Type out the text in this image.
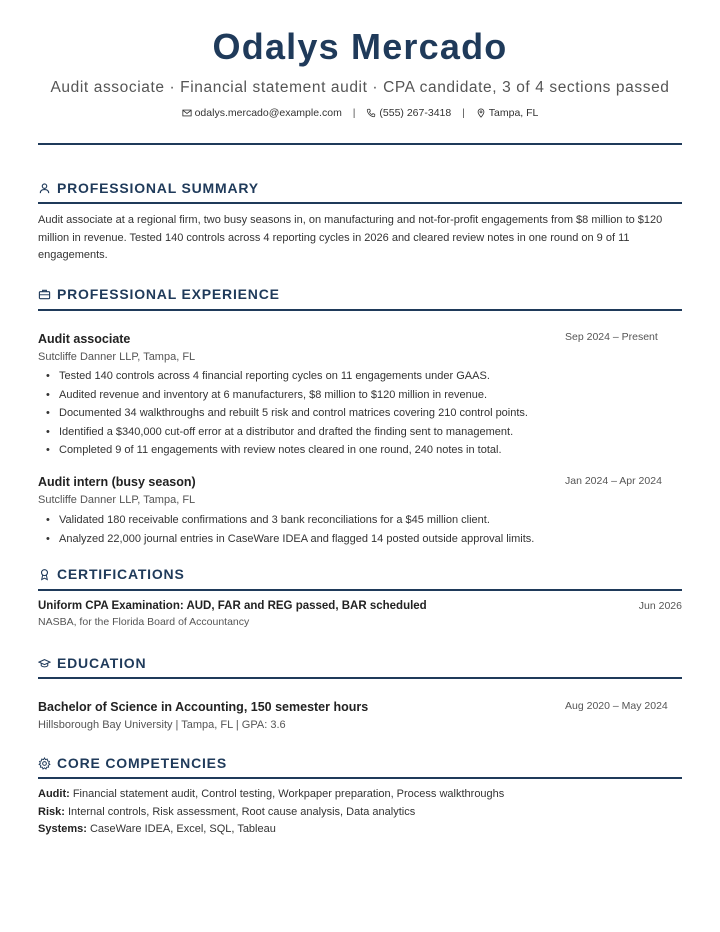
Odalys Mercado
Audit associate · Financial statement audit · CPA candidate, 3 of 4 sections passed
odalys.mercado@example.com | (555) 267-3418 | Tampa, FL
PROFESSIONAL SUMMARY
Audit associate at a regional firm, two busy seasons in, on manufacturing and not-for-profit engagements from $8 million to $120 million in revenue. Tested 140 controls across 4 reporting cycles in 2026 and cleared review notes in one round on 9 of 11 engagements.
PROFESSIONAL EXPERIENCE
Audit associate	Sep 2024 – Present
Sutcliffe Danner LLP, Tampa, FL
• Tested 140 controls across 4 financial reporting cycles on 11 engagements under GAAS.
• Audited revenue and inventory at 6 manufacturers, $8 million to $120 million in revenue.
• Documented 34 walkthroughs and rebuilt 5 risk and control matrices covering 210 control points.
• Identified a $340,000 cut-off error at a distributor and drafted the finding sent to management.
• Completed 9 of 11 engagements with review notes cleared in one round, 240 notes in total.
Audit intern (busy season)	Jan 2024 – Apr 2024
Sutcliffe Danner LLP, Tampa, FL
• Validated 180 receivable confirmations and 3 bank reconciliations for a $45 million client.
• Analyzed 22,000 journal entries in CaseWare IDEA and flagged 14 posted outside approval limits.
CERTIFICATIONS
Uniform CPA Examination: AUD, FAR and REG passed, BAR scheduled	Jun 2026
NASBA, for the Florida Board of Accountancy
EDUCATION
Bachelor of Science in Accounting, 150 semester hours	Aug 2020 – May 2024
Hillsborough Bay University | Tampa, FL | GPA: 3.6
CORE COMPETENCIES
Audit: Financial statement audit, Control testing, Workpaper preparation, Process walkthroughs
Risk: Internal controls, Risk assessment, Root cause analysis, Data analytics
Systems: CaseWare IDEA, Excel, SQL, Tableau
